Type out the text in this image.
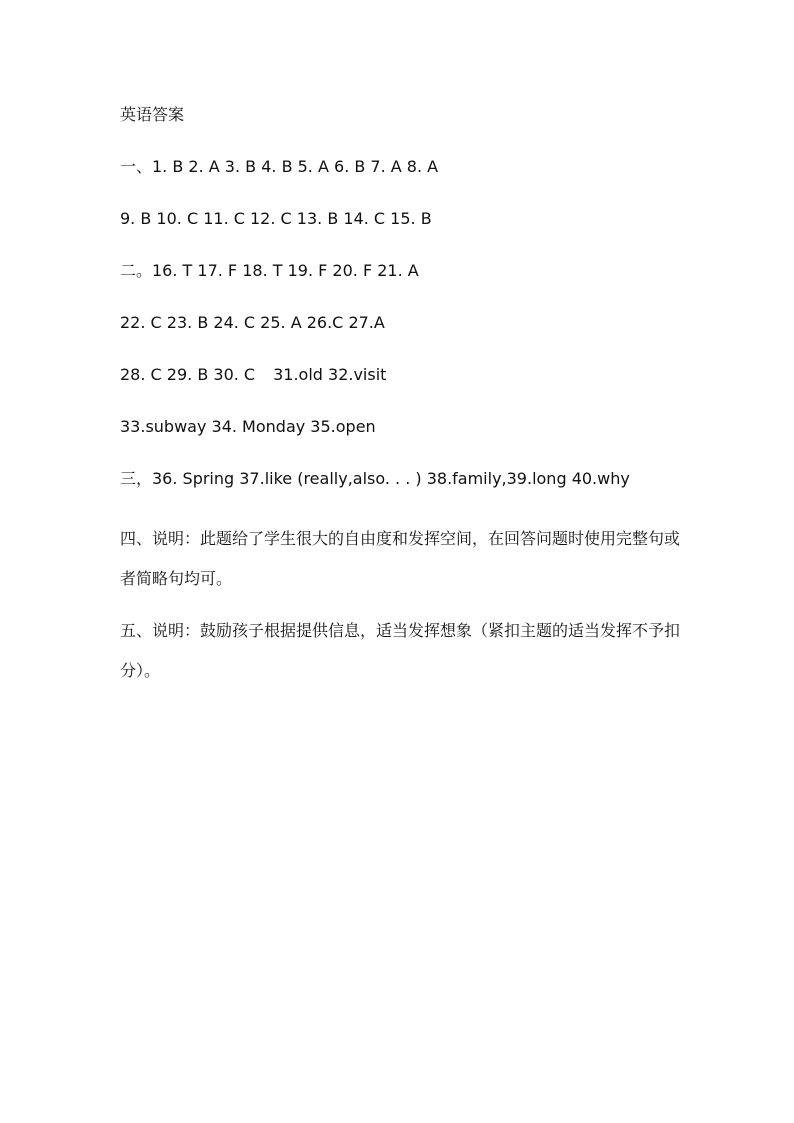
英语答案
一、1. B 2. A 3. B 4. B 5. A 6. B 7. A 8. A
9. B 10. C 11. C 12. C 13. B 14. C 15. B
二。16. T 17. F 18. T 19. F 20. F 21. A
22. C 23. B 24. C 25. A 26.C 27.A
28. C 29. B 30. C 31.old 32.visit
33.subway 34. Monday 35.open
三，36. Spring 37.like (really,also. . . ) 38.family,39.long 40.why
四、说明：此题给了学生很大的自由度和发挥空间，在回答问题时使用完整句或者简略句均可。
五、说明：鼓励孩子根据提供信息，适当发挥想象（紧扣主题的适当发挥不予扣分）。
